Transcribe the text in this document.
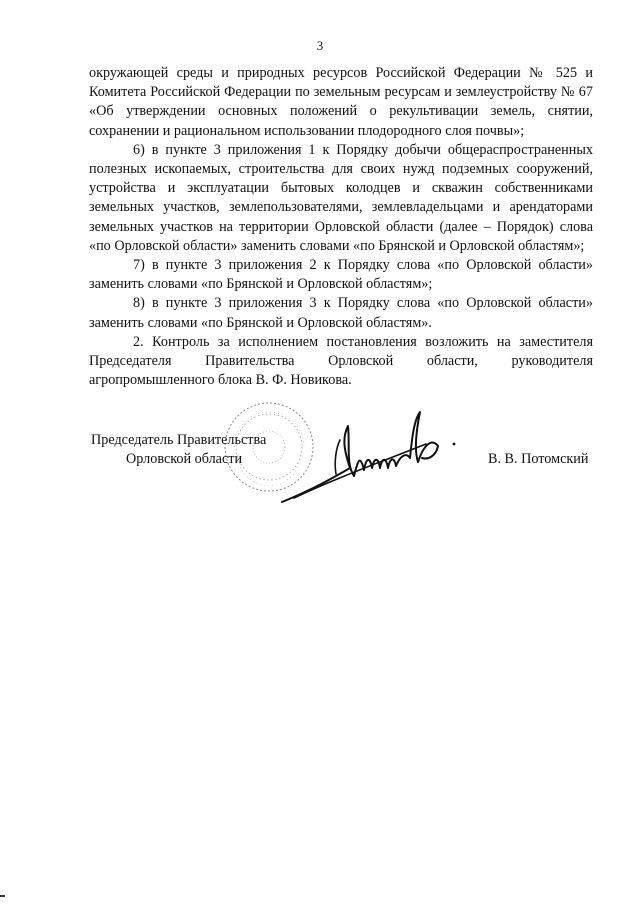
3

окружающей среды и природных ресурсов Российской Федерации № 525 и Комитета Российской Федерации по земельным ресурсам и землеустройству № 67 «Об утверждении основных положений о рекультивации земель, снятии, сохранении и рациональном использовании плодородного слоя почвы»;

6) в пункте 3 приложения 1 к Порядку добычи общераспространенных полезных ископаемых, строительства для своих нужд подземных сооружений, устройства и эксплуатации бытовых колодцев и скважин собственниками земельных участков, землепользователями, землевладельцами и арендаторами земельных участков на территории Орловской области (далее – Порядок) слова «по Орловской области» заменить словами «по Брянской и Орловской областям»;

7) в пункте 3 приложения 2 к Порядку слова «по Орловской области» заменить словами «по Брянской и Орловской областям»;

8) в пункте 3 приложения 3 к Порядку слова «по Орловской области» заменить словами «по Брянской и Орловской областям».

2. Контроль за исполнением постановления возложить на заместителя Председателя Правительства Орловской области, руководителя агропромышленного блока В. Ф. Новикова.

Председатель Правительства
Орловской области	В. В. Потомский
